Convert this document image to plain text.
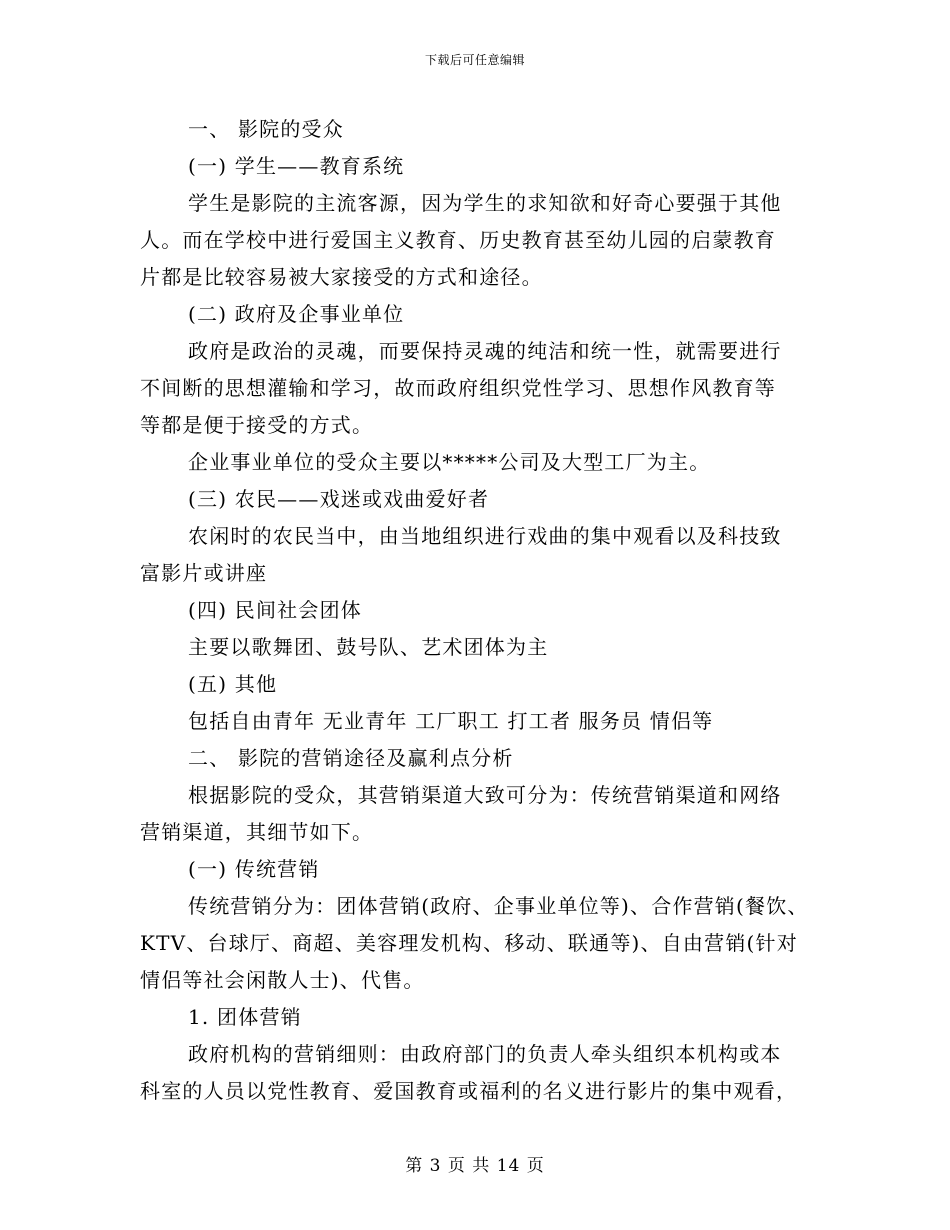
下载后可任意编辑
一、 影院的受众
(一) 学生——教育系统
学生是影院的主流客源，因为学生的求知欲和好奇心要强于其他
人。而在学校中进行爱国主义教育、历史教育甚至幼儿园的启蒙教育
片都是比较容易被大家接受的方式和途径。
(二) 政府及企事业单位
政府是政治的灵魂，而要保持灵魂的纯洁和统一性，就需要进行
不间断的思想灌输和学习，故而政府组织党性学习、思想作风教育等
等都是便于接受的方式。
企业事业单位的受众主要以*****公司及大型工厂为主。
(三) 农民——戏迷或戏曲爱好者
农闲时的农民当中，由当地组织进行戏曲的集中观看以及科技致
富影片或讲座
(四) 民间社会团体
主要以歌舞团、鼓号队、艺术团体为主
(五) 其他
包括自由青年 无业青年 工厂职工 打工者 服务员 情侣等
二、 影院的营销途径及赢利点分析
根据影院的受众，其营销渠道大致可分为：传统营销渠道和网络
营销渠道，其细节如下。
(一) 传统营销
传统营销分为：团体营销(政府、企事业单位等)、合作营销(餐饮、
KTV、台球厅、商超、美容理发机构、移动、联通等)、自由营销(针对
情侣等社会闲散人士)、代售。
1. 团体营销
政府机构的营销细则：由政府部门的负责人牵头组织本机构或本
科室的人员以党性教育、爱国教育或福利的名义进行影片的集中观看，
第 3 页 共 14 页
